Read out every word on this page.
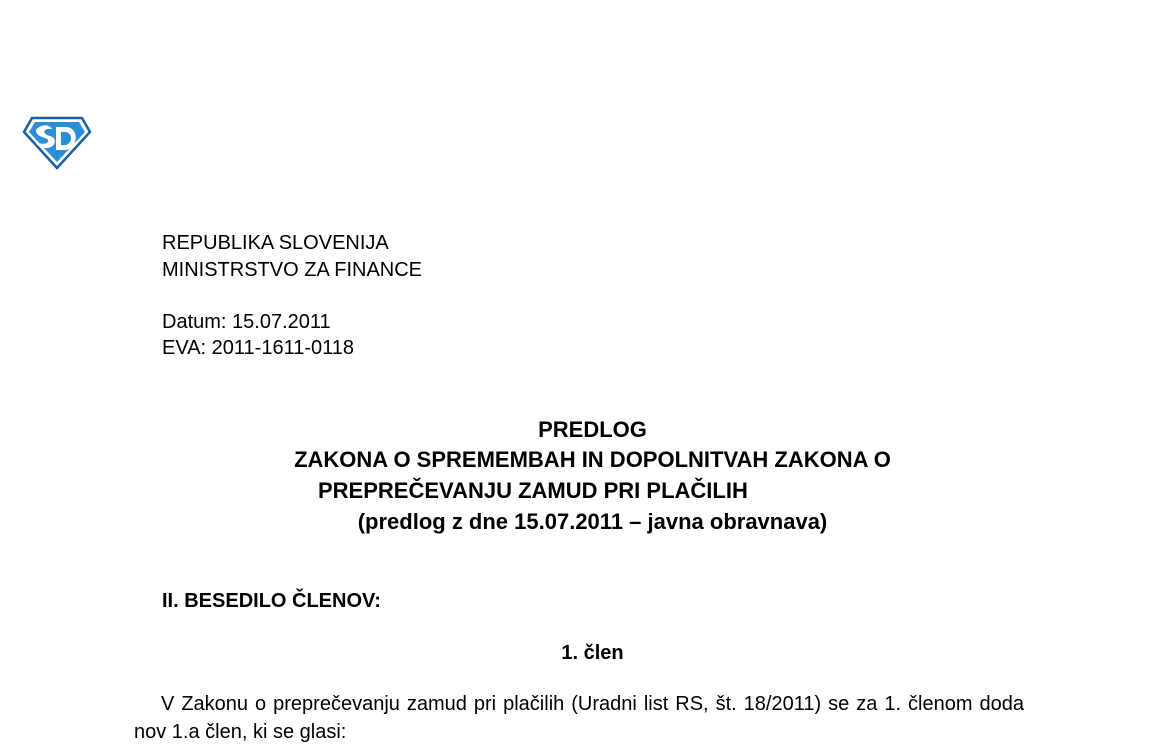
REPUBLIKA SLOVENIJA
MINISTRSTVO ZA FINANCE
Datum: 15.07.2011
EVA: 2011-1611-0118
PREDLOG
ZAKONA O SPREMEMBAH IN DOPOLNITVAH ZAKONA O
PREPREČEVANJU ZAMUD PRI PLAČILIH
(predlog z dne 15.07.2011 – javna obravnava)
II. BESEDILO ČLENOV:
1. člen

V Zakonu o preprečevanju zamud pri plačilih (Uradni list RS, št. 18/2011) se za 1. členom doda nov 1.a člen, ki se glasi:
